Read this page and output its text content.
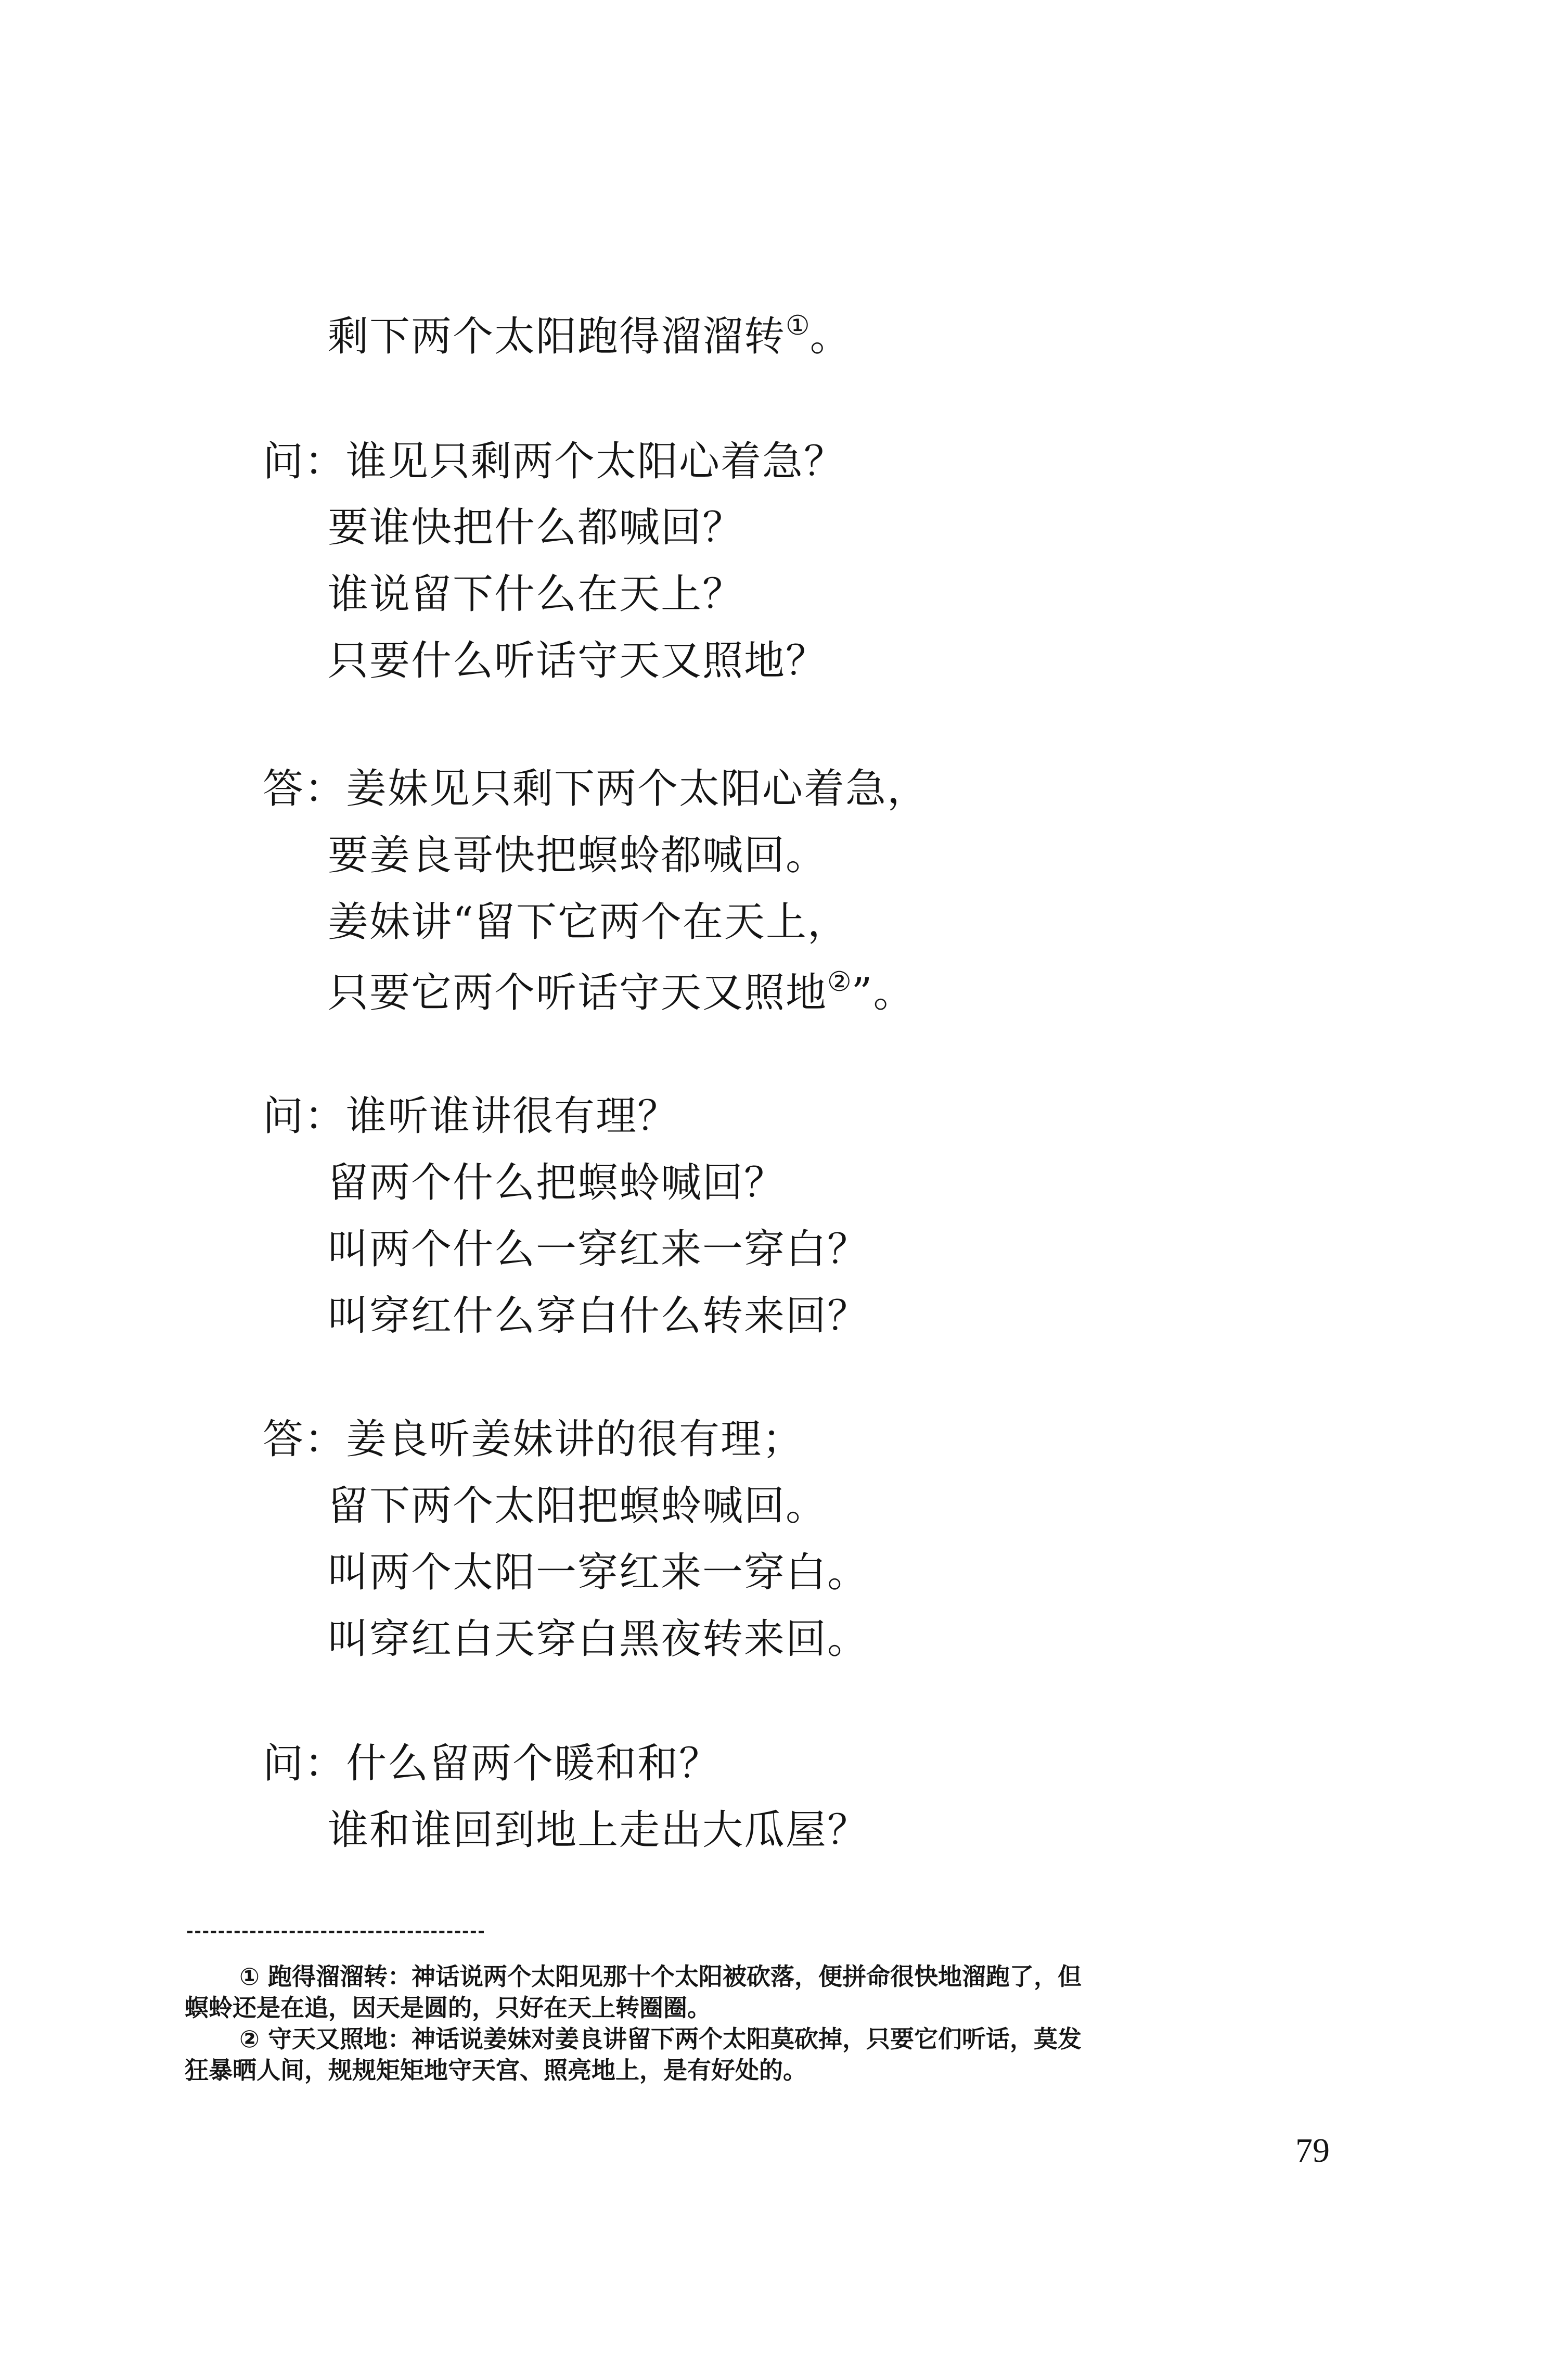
剩下两个太阳跑得溜溜转①。
问：谁见只剩两个太阳心着急？
要谁快把什么都喊回？
谁说留下什么在天上？
只要什么听话守天又照地？
答：姜妹见只剩下两个太阳心着急，
要姜良哥快把螟蛉都喊回。
姜妹讲“留下它两个在天上，
只要它两个听话守天又照地②”。
问：谁听谁讲很有理？
留两个什么把螟蛉喊回？
叫两个什么一穿红来一穿白？
叫穿红什么穿白什么转来回？
答：姜良听姜妹讲的很有理；
留下两个太阳把螟蛉喊回。
叫两个太阳一穿红来一穿白。
叫穿红白天穿白黑夜转来回。
问：什么留两个暖和和？
谁和谁回到地上走出大瓜屋？
① 跑得溜溜转：神话说两个太阳见那十个太阳被砍落，便拼命很快地溜跑了，但
螟蛉还是在追，因天是圆的，只好在天上转圈圈。
② 守天又照地：神话说姜妹对姜良讲留下两个太阳莫砍掉，只要它们听话，莫发
狂暴晒人间，规规矩矩地守天宫、照亮地上，是有好处的。
79
